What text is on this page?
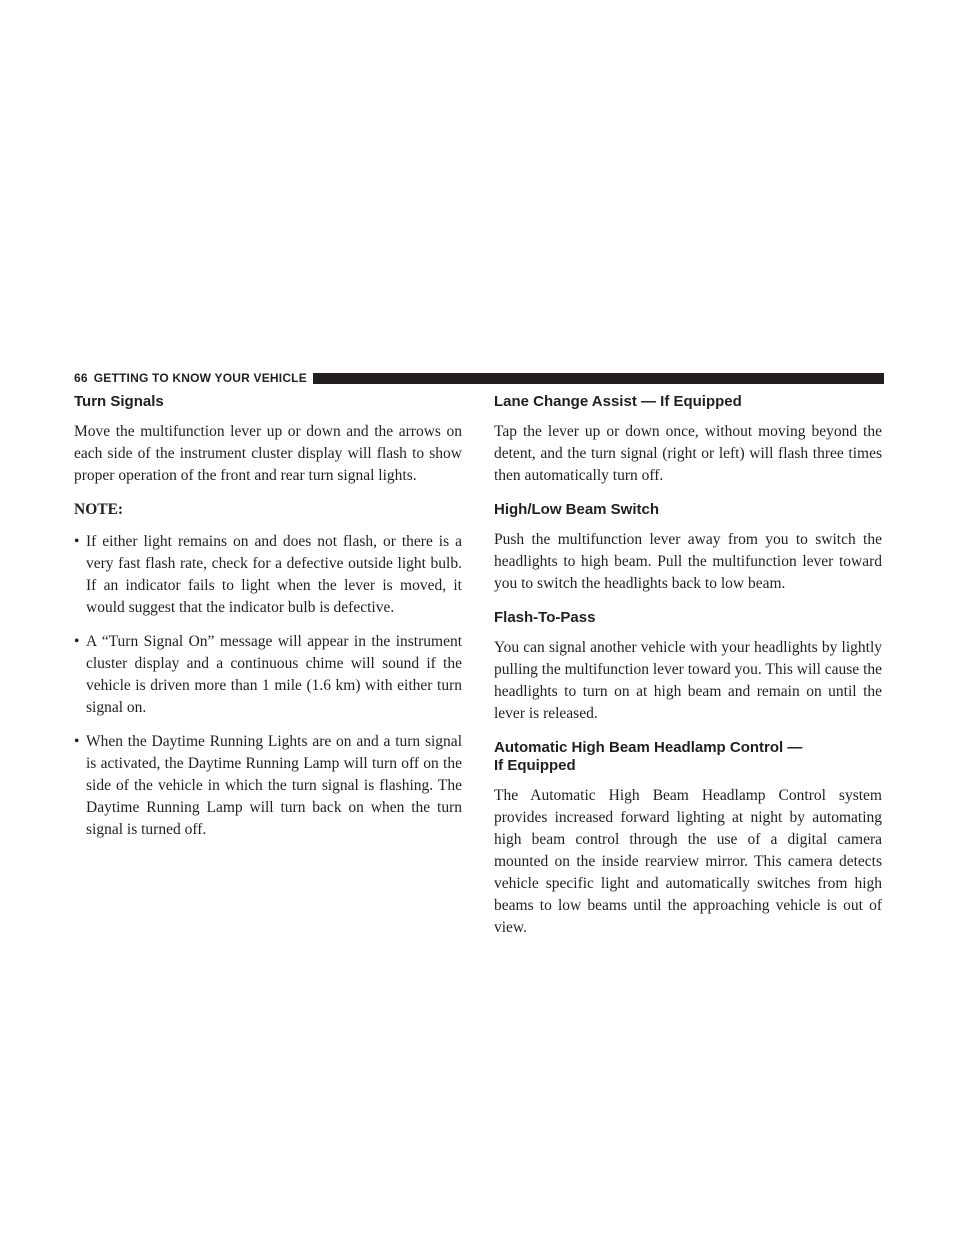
66 GETTING TO KNOW YOUR VEHICLE
Turn Signals

Move the multifunction lever up or down and the arrows on each side of the instrument cluster display will flash to show proper operation of the front and rear turn signal lights.

NOTE:
• If either light remains on and does not flash, or there is a very fast flash rate, check for a defective outside light bulb. If an indicator fails to light when the lever is moved, it would suggest that the indicator bulb is defective.
• A “Turn Signal On” message will appear in the instrument cluster display and a continuous chime will sound if the vehicle is driven more than 1 mile (1.6 km) with either turn signal on.
• When the Daytime Running Lights are on and a turn signal is activated, the Daytime Running Lamp will turn off on the side of the vehicle in which the turn signal is flashing. The Daytime Running Lamp will turn back on when the turn signal is turned off.
Lane Change Assist — If Equipped

Tap the lever up or down once, without moving beyond the detent, and the turn signal (right or left) will flash three times then automatically turn off.

High/Low Beam Switch

Push the multifunction lever away from you to switch the headlights to high beam. Pull the multifunction lever toward you to switch the headlights back to low beam.

Flash-To-Pass

You can signal another vehicle with your headlights by lightly pulling the multifunction lever toward you. This will cause the headlights to turn on at high beam and remain on until the lever is released.

Automatic High Beam Headlamp Control —
If Equipped

The Automatic High Beam Headlamp Control system provides increased forward lighting at night by automating high beam control through the use of a digital camera mounted on the inside rearview mirror. This camera detects vehicle specific light and automatically switches from high beams to low beams until the approaching vehicle is out of view.
